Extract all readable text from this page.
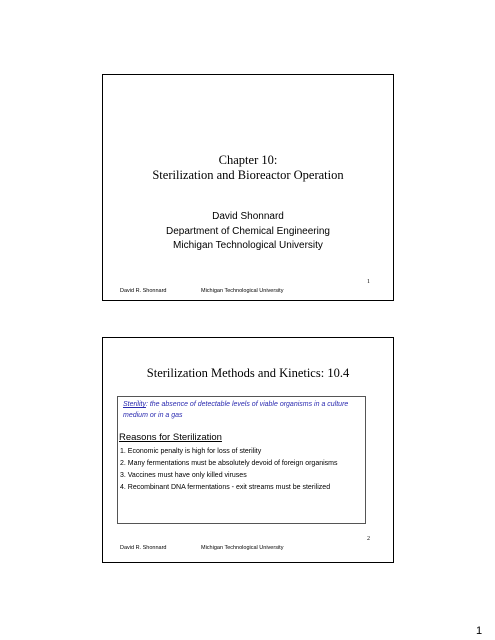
Chapter 10:
Sterilization and Bioreactor Operation
David Shonnard
Department of Chemical Engineering
Michigan Technological University
David R. Shonnard	Michigan Technological University
1
Sterilization Methods and Kinetics: 10.4
Sterility: the absence of detectable levels of viable organisms in a culture medium or in a gas
Reasons for Sterilization
1. Economic penalty is high for loss of sterility
2. Many fermentations must be absolutely devoid of foreign organisms
3. Vaccines must have only killed viruses
4. Recombinant DNA fermentations - exit streams must be sterilized
David R. Shonnard	Michigan Technological University
2
1
